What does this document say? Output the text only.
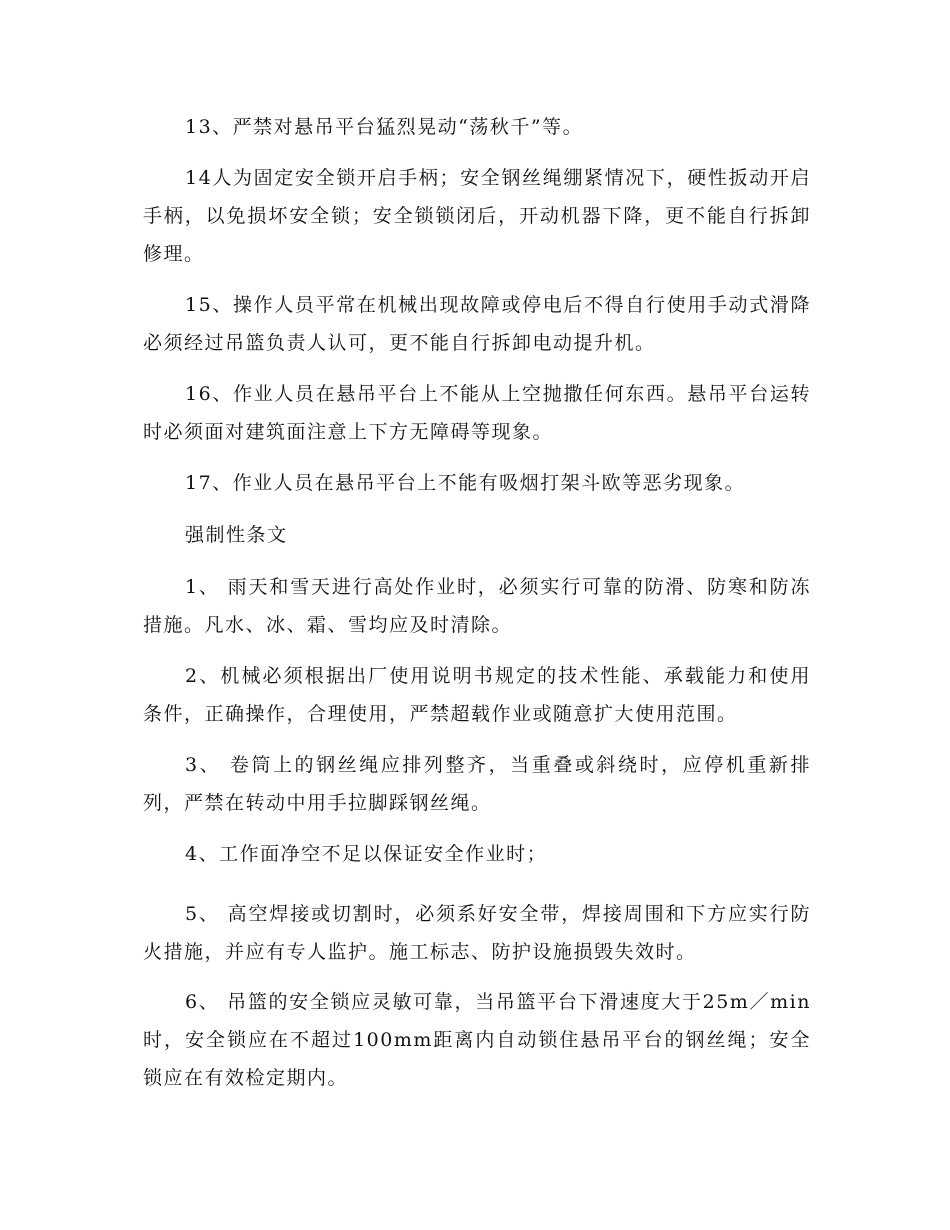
13、严禁对悬吊平台猛烈晃动“荡秋千”等。

14人为固定安全锁开启手柄；安全钢丝绳绷紧情况下，硬性扳动开启手柄，以免损坏安全锁；安全锁锁闭后，开动机器下降，更不能自行拆卸修理。

15、操作人员平常在机械出现故障或停电后不得自行使用手动式滑降必须经过吊篮负责人认可，更不能自行拆卸电动提升机。

16、作业人员在悬吊平台上不能从上空抛撒任何东西。悬吊平台运转时必须面对建筑面注意上下方无障碍等现象。

17、作业人员在悬吊平台上不能有吸烟打架斗欧等恶劣现象。

强制性条文

1、 雨天和雪天进行高处作业时，必须实行可靠的防滑、防寒和防冻措施。凡水、冰、霜、雪均应及时清除。

2、机械必须根据出厂使用说明书规定的技术性能、承载能力和使用条件，正确操作，合理使用，严禁超载作业或随意扩大使用范围。

3、 卷筒上的钢丝绳应排列整齐，当重叠或斜绕时，应停机重新排列，严禁在转动中用手拉脚踩钢丝绳。

4、工作面净空不足以保证安全作业时；

5、 高空焊接或切割时，必须系好安全带，焊接周围和下方应实行防火措施，并应有专人监护。施工标志、防护设施损毁失效时。

6、 吊篮的安全锁应灵敏可靠，当吊篮平台下滑速度大于25m／min时，安全锁应在不超过100mm距离内自动锁住悬吊平台的钢丝绳；安全锁应在有效检定期内。
